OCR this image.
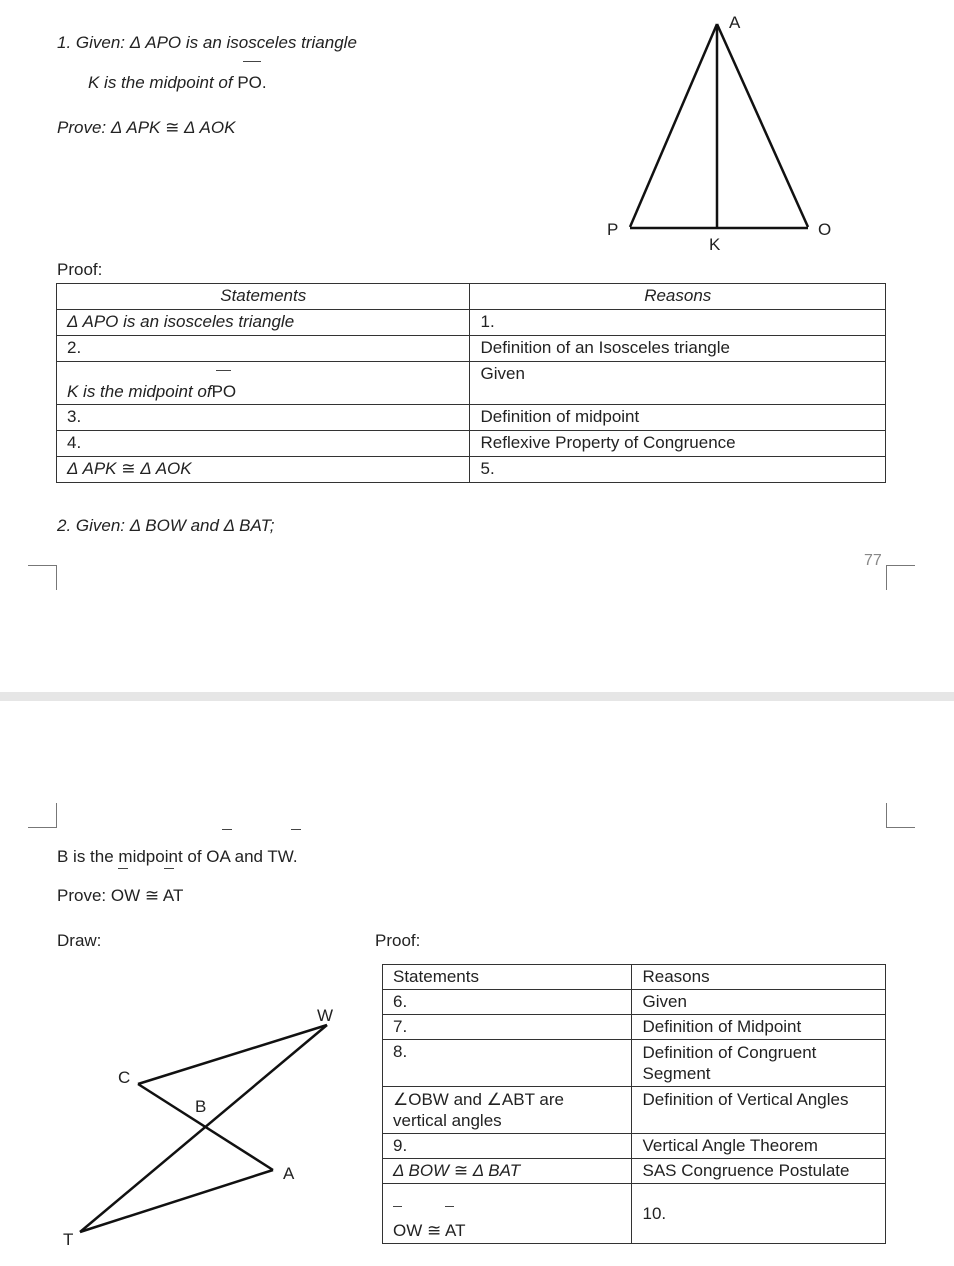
1. Given: Δ APO is an isosceles triangle
K is the midpoint of PO.
Prove: Δ APK ≅ Δ AOK
A
P	O
K
Proof:
Statements	Reasons
Δ APO is an isosceles triangle	1.
2.	Definition of an Isosceles triangle
K is the midpoint ofPO	Given
3.	Definition of midpoint
4.	Reflexive Property of Congruence
Δ APK ≅ Δ AOK	5.
2. Given: Δ BOW and Δ BAT;
77
B is the midpoint of OA and TW.
Prove: OW ≅ AT
Draw:	Proof:
C
W
B
A
T
Statements	Reasons
6.	Given
7.	Definition of Midpoint
8.	Definition of Congruent Segment
∠OBW and ∠ABT are vertical angles	Definition of Vertical Angles
9.	Vertical Angle Theorem
Δ BOW ≅ Δ BAT	SAS Congruence Postulate

OW ≅ AT	10.
